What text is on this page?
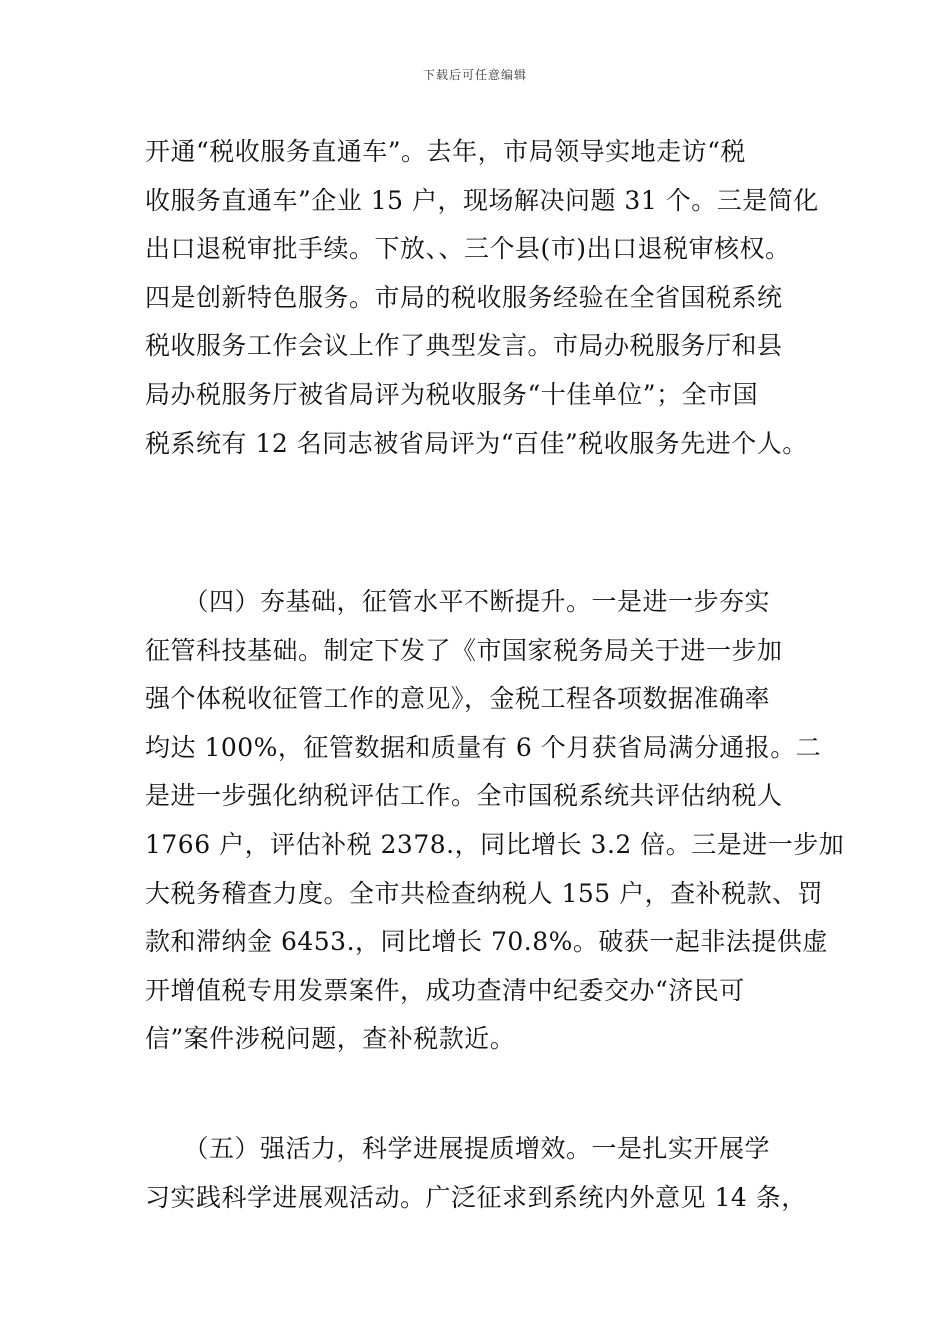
下载后可任意编辑

开通“税收服务直通车”。去年，市局领导实地走访“税
收服务直通车”企业 15 户，现场解决问题 31 个。三是简化
出口退税审批手续。下放、、三个县(市)出口退税审核权。
四是创新特色服务。市局的税收服务经验在全省国税系统
税收服务工作会议上作了典型发言。市局办税服务厅和县
局办税服务厅被省局评为税收服务“十佳单位”；全市国
税系统有 12 名同志被省局评为“百佳”税收服务先进个人。

　　（四）夯基础，征管水平不断提升。一是进一步夯实
征管科技基础。制定下发了《市国家税务局关于进一步加
强个体税收征管工作的意见》，金税工程各项数据准确率
均达 100%，征管数据和质量有 6 个月获省局满分通报。二
是进一步强化纳税评估工作。全市国税系统共评估纳税人
1766 户，评估补税 2378.，同比增长 3.2 倍。三是进一步加
大税务稽查力度。全市共检查纳税人 155 户，查补税款、罚
款和滞纳金 6453.，同比增长 70.8%。破获一起非法提供虚
开增值税专用发票案件，成功查清中纪委交办“济民可
信”案件涉税问题，查补税款近。

　　（五）强活力，科学进展提质增效。一是扎实开展学
习实践科学进展观活动。广泛征求到系统内外意见 14 条，
